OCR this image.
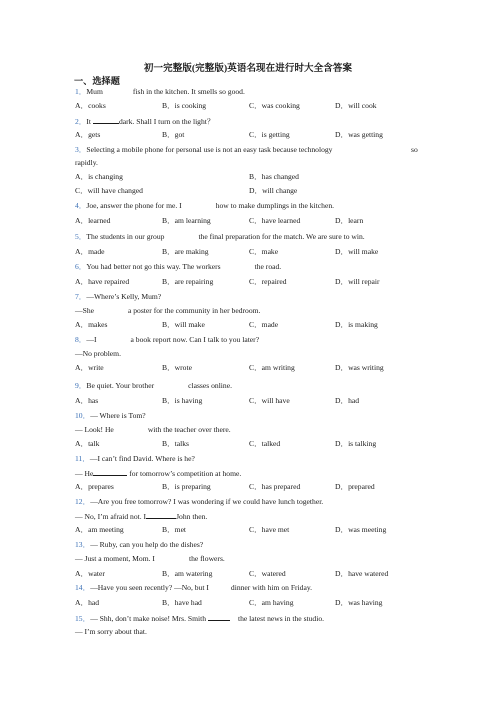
初一完整版(完整版)英语名现在进行时大全含答案
一、选择题
1．Mum	fish in the kitchen. It smells so good.
A．cooks	B．is cooking	C．was cooking	D．will cook
2．It	dark. Shall I turn on the light？
A．gets	B．got	C．is getting	D．was getting
3．Selecting a mobile phone for personal use is not an easy task because technology	so
rapidly.
A．is changing	B．has changed
C．will have changed	D．will change
4．Joe, answer the phone for me. I	how to make dumplings in the kitchen.
A．learned	B．am learning	C．have learned	D．learn
5．The students in our group	the final preparation for the match. We are sure to win.
A．made	B．are making	C．make	D．will make
6．You had better not go this way. The workers	the road.
A．have repaired	B．are repairing	C．repaired	D．will repair
7．—Where’s Kelly, Mum?
—She	a poster for the community in her bedroom.
A．makes	B．will make	C．made	D．is making
8．—I	a book report now. Can I talk to you later?
—No problem.
A．write	B．wrote	C．am writing	D．was writing
9．Be quiet. Your brother	classes online.
A．has	B．is having	C．will have	D．had
10．— Where is Tom?
— Look! He	with the teacher over there.
A．talk	B．talks	C．talked	D．is talking
11．—I can’t find David. Where is he?
— He	for tomorrow’s competition at home.
A．prepares	B．is preparing	C．has prepared	D．prepared
12．—Are you free tomorrow? I was wondering if we could have lunch together.
— No, I’m afraid not. I	John then.
A．am meeting	B．met	C．have met	D．was meeting
13．— Ruby, can you help do the dishes?
— Just a moment, Mom. I	the flowers.
A．water	B．am watering	C．watered	D．have watered
14．—Have you seen recently? —No, but I	dinner with him on Friday.
A．had	B．have had	C．am having	D．was having
15．— Shh, don’t make noise! Mrs. Smith	the latest news in the studio.
— I’m sorry about that.
